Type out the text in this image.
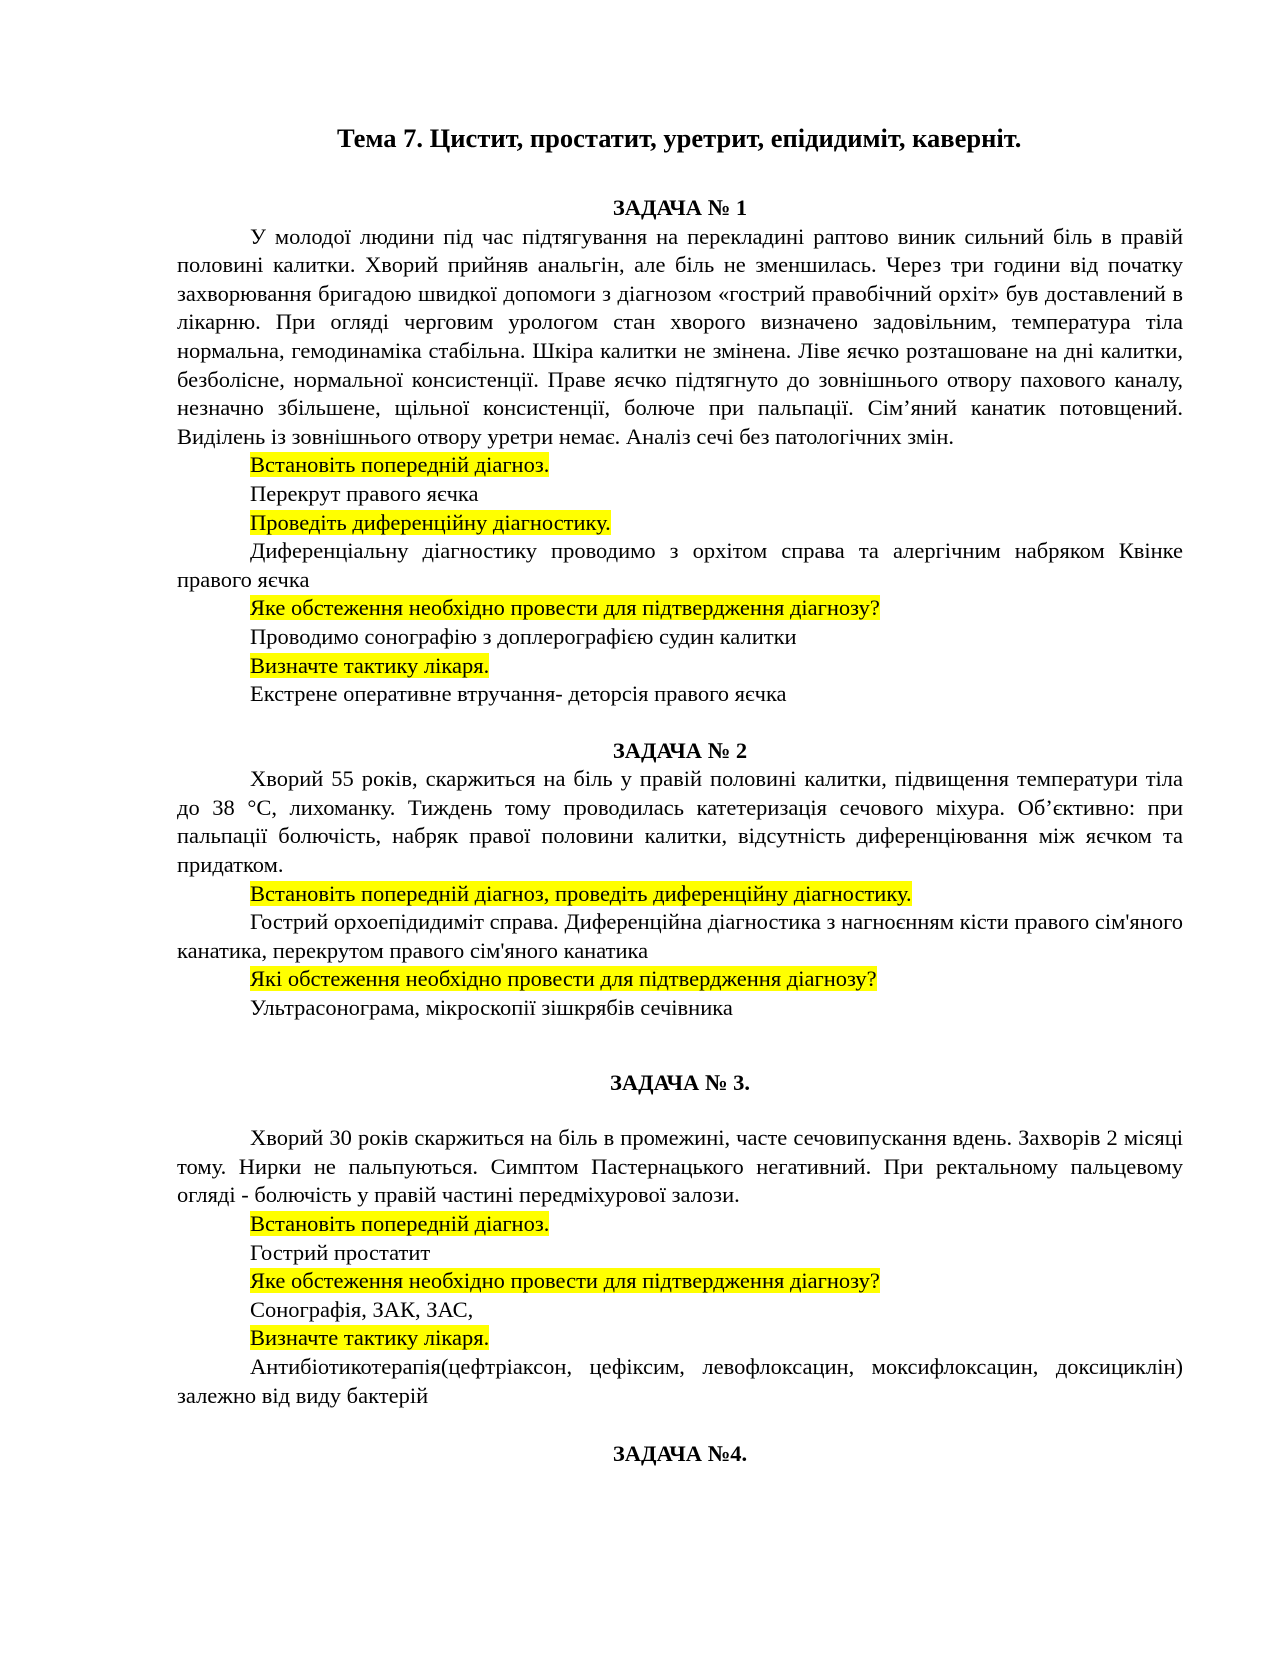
Тема 7. Цистит, простатит, уретрит, епідидиміт, каверніт.
ЗАДАЧА № 1

У молодої людини під час підтягування на перекладині раптово виник сильний біль в правій половині калитки. Хворий прийняв анальгін, але біль не зменшилась. Через три години від початку захворювання бригадою швидкої допомоги з діагнозом «гострий правобічний орхіт» був доставлений в лікарню. При огляді черговим урологом стан хворого визначено задовільним, температура тіла нормальна, гемодинаміка стабільна. Шкіра калитки не змінена. Ліве яєчко розташоване на дні калитки, безболісне, нормальної консистенції. Праве яєчко підтягнуто до зовнішнього отвору пахового каналу, незначно збільшене, щільної консистенції, болюче при пальпації. Сім’яний канатик потовщений. Виділень із зовнішнього отвору уретри немає. Аналіз сечі без патологічних змін.

Встановіть попередній діагноз.

Перекрут правого яєчка

Проведіть диференційну діагностику.

Диференціальну діагностику проводимо з орхітом справа та алергічним набряком Квінке правого яєчка

Яке обстеження необхідно провести для підтвердження діагнозу?

Проводимо сонографію з доплерографією судин калитки

Визначте тактику лікаря.

Екстрене оперативне втручання- деторсія правого яєчка

ЗАДАЧА № 2

Хворий 55 років, скаржиться на біль у правій половині калитки, підвищення температури тіла до 38 °С, лихоманку. Тиждень тому проводилась катетеризація сечового міхура. Об’єктивно: при пальпації болючість, набряк правої половини калитки, відсутність диференціювання між яєчком та придатком.

Встановіть попередній діагноз, проведіть диференційну діагностику.

Гострий орхоепідидиміт справа. Диференційна діагностика з нагноєнням кісти правого сім'яного канатика, перекрутом правого сім'яного канатика

Які обстеження необхідно провести для підтвердження діагнозу?

Ультрасонограма, мікроскопії зішкрябів сечівника

ЗАДАЧА № 3.

Хворий 30 років скаржиться на біль в промежині, часте сечовипускання вдень. Захворів 2 місяці тому. Нирки не пальпуються. Симптом Пастернацького негативний. При ректальному пальцевому огляді - болючість у правій частині передміхурової залози.

Встановіть попередній діагноз.

Гострий простатит

Яке обстеження необхідно провести для підтвердження діагнозу?

Сонографія, ЗАК, ЗАС,

Визначте тактику лікаря.

Антибіотикотерапія(цефтріаксон, цефіксим, левофлоксацин, моксифлоксацин, доксициклін) залежно від виду бактерій

ЗАДАЧА №4.
